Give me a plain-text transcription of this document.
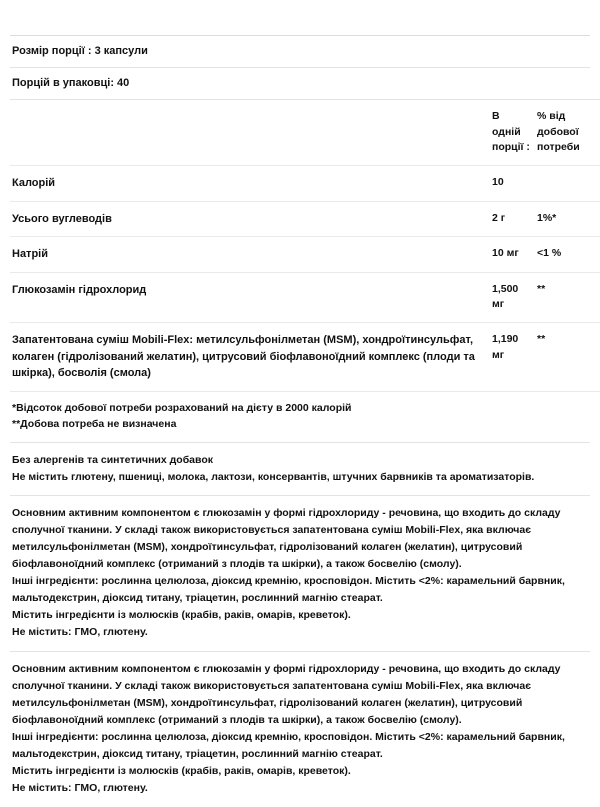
Розмір порції : 3 капсули
Порцій в упаковці: 40
	В одній порції :	% від добової потреби
Калорій	10	
Усього вуглеводів	2 г	1%*
Натрій	10 мг	<1 %
Глюкозамін гідрохлорид	1,500 мг	**
Запатентована суміш Mobili-Flex: метилсульфонілметан (MSM), хондроїтинсульфат, колаген (гідролізований желатин), цитрусовий біофлавоноїдний комплекс (плоди та шкірка), босволія (смола)	1,190 мг	**
*Відсоток добової потреби розрахований на дієту в 2000 калорій
**Добова потреба не визначена

Без алергенів та синтетичних добавок

Не містить глютену, пшениці, молока, лактози, консервантів, штучних барвників та ароматизаторів.

Основним активним компонентом є глюкозамін у формі гідрохлориду - речовина, що входить до складу сполучної тканини. У складі також використовується запатентована суміш Mobili-Flex, яка включає метилсульфонілметан (MSM), хондроїтинсульфат, гідролізований колаген (желатин), цитрусовий біофлавоноїдний комплекс (отриманий з плодів та шкірки), а також босвелію (смолу).

Інші інгредієнти: рослинна целюлоза, діоксид кремнію, кросповідон. Містить <2%: карамельний барвник, мальтодекстрин, діоксид титану, тріацетин, рослинний магнію стеарат.

Містить інгредієнти із молюсків (крабів, раків, омарів, креветок).

Не містить: ГМО, глютену.

Основним активним компонентом є глюкозамін у формі гідрохлориду - речовина, що входить до складу сполучної тканини. У складі також використовується запатентована суміш Mobili-Flex, яка включає метилсульфонілметан (MSM), хондроїтинсульфат, гідролізований колаген (желатин), цитрусовий біофлавоноїдний комплекс (отриманий з плодів та шкірки), а також босвелію (смолу).

Інші інгредієнти: рослинна целюлоза, діоксид кремнію, кросповідон. Містить <2%: карамельний барвник, мальтодекстрин, діоксид титану, тріацетин, рослинний магнію стеарат.

Містить інгредієнти із молюсків (крабів, раків, омарів, креветок).

Не містить: ГМО, глютену.
